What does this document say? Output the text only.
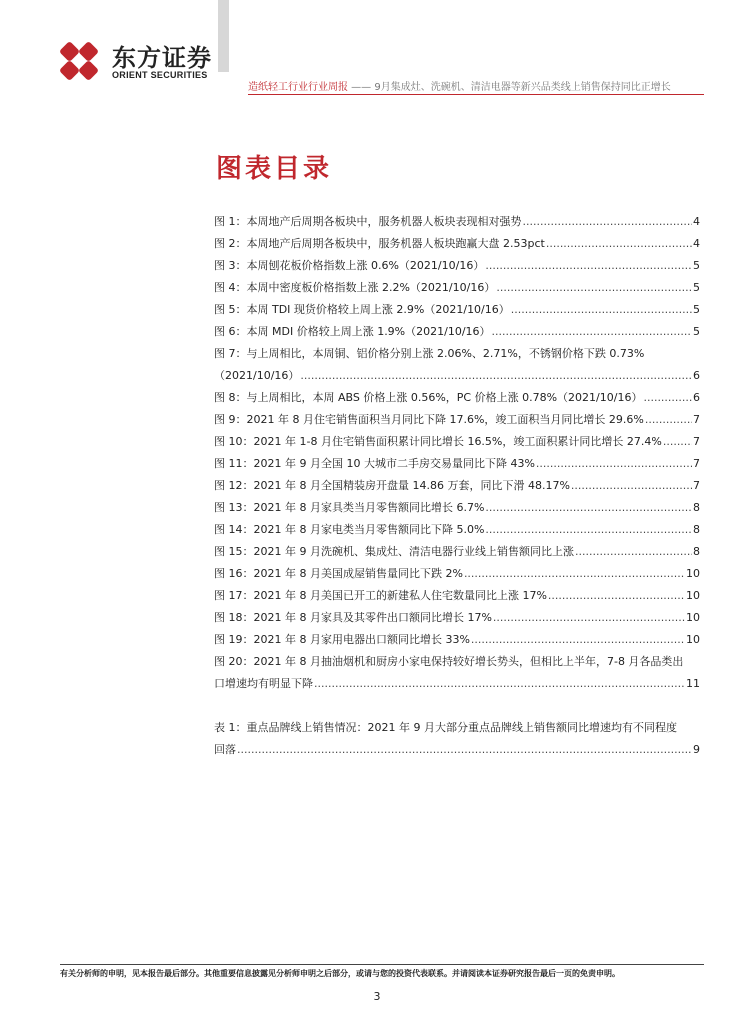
东方证券
ORIENT SECURITIES
造纸轻工行业行业周报 —— 9月集成灶、洗碗机、清洁电器等新兴品类线上销售保持同比正增长
图表目录
图 1：本周地产后周期各板块中，服务机器人板块表现相对强势 .....	4
图 2：本周地产后周期各板块中，服务机器人板块跑赢大盘 2.53pct .....	4
图 3：本周刨花板价格指数上涨 0.6%（2021/10/16） .....	5
图 4：本周中密度板价格指数上涨 2.2%（2021/10/16） .....	5
图 5：本周 TDI 现货价格较上周上涨 2.9%（2021/10/16） .....	5
图 6：本周 MDI 价格较上周上涨 1.9%（2021/10/16） .....	5
图 7：与上周相比，本周铜、铝价格分别上涨 2.06%、2.71%，不锈钢价格下跌 0.73%
（2021/10/16） .....	6
图 8：与上周相比，本周 ABS 价格上涨 0.56%，PC 价格上涨 0.78%（2021/10/16） .....	6
图 9：2021 年 8 月住宅销售面积当月同比下降 17.6%，竣工面积当月同比增长 29.6% .....	7
图 10：2021 年 1-8 月住宅销售面积累计同比增长 16.5%，竣工面积累计同比增长 27.4% .....	7
图 11：2021 年 9 月全国 10 大城市二手房交易量同比下降 43% .....	7
图 12：2021 年 8 月全国精装房开盘量 14.86 万套，同比下滑 48.17% .....	7
图 13：2021 年 8 月家具类当月零售额同比增长 6.7% .....	8
图 14：2021 年 8 月家电类当月零售额同比下降 5.0% .....	8
图 15：2021 年 9 月洗碗机、集成灶、清洁电器行业线上销售额同比上涨 .....	8
图 16：2021 年 8 月美国成屋销售量同比下跌 2% .....	10
图 17：2021 年 8 月美国已开工的新建私人住宅数量同比上涨 17% .....	10
图 18：2021 年 8 月家具及其零件出口额同比增长 17% .....	10
图 19：2021 年 8 月家用电器出口额同比增长 33% .....	10
图 20：2021 年 8 月抽油烟机和厨房小家电保持较好增长势头，但相比上半年，7-8 月各品类出
口增速均有明显下降 .....	11
表 1：重点品牌线上销售情况：2021 年 9 月大部分重点品牌线上销售额同比增速均有不同程度
回落 .....	9
有关分析师的申明，见本报告最后部分。其他重要信息披露见分析师申明之后部分，或请与您的投资代表联系。并请阅读本证券研究报告最后一页的免责申明。
3
